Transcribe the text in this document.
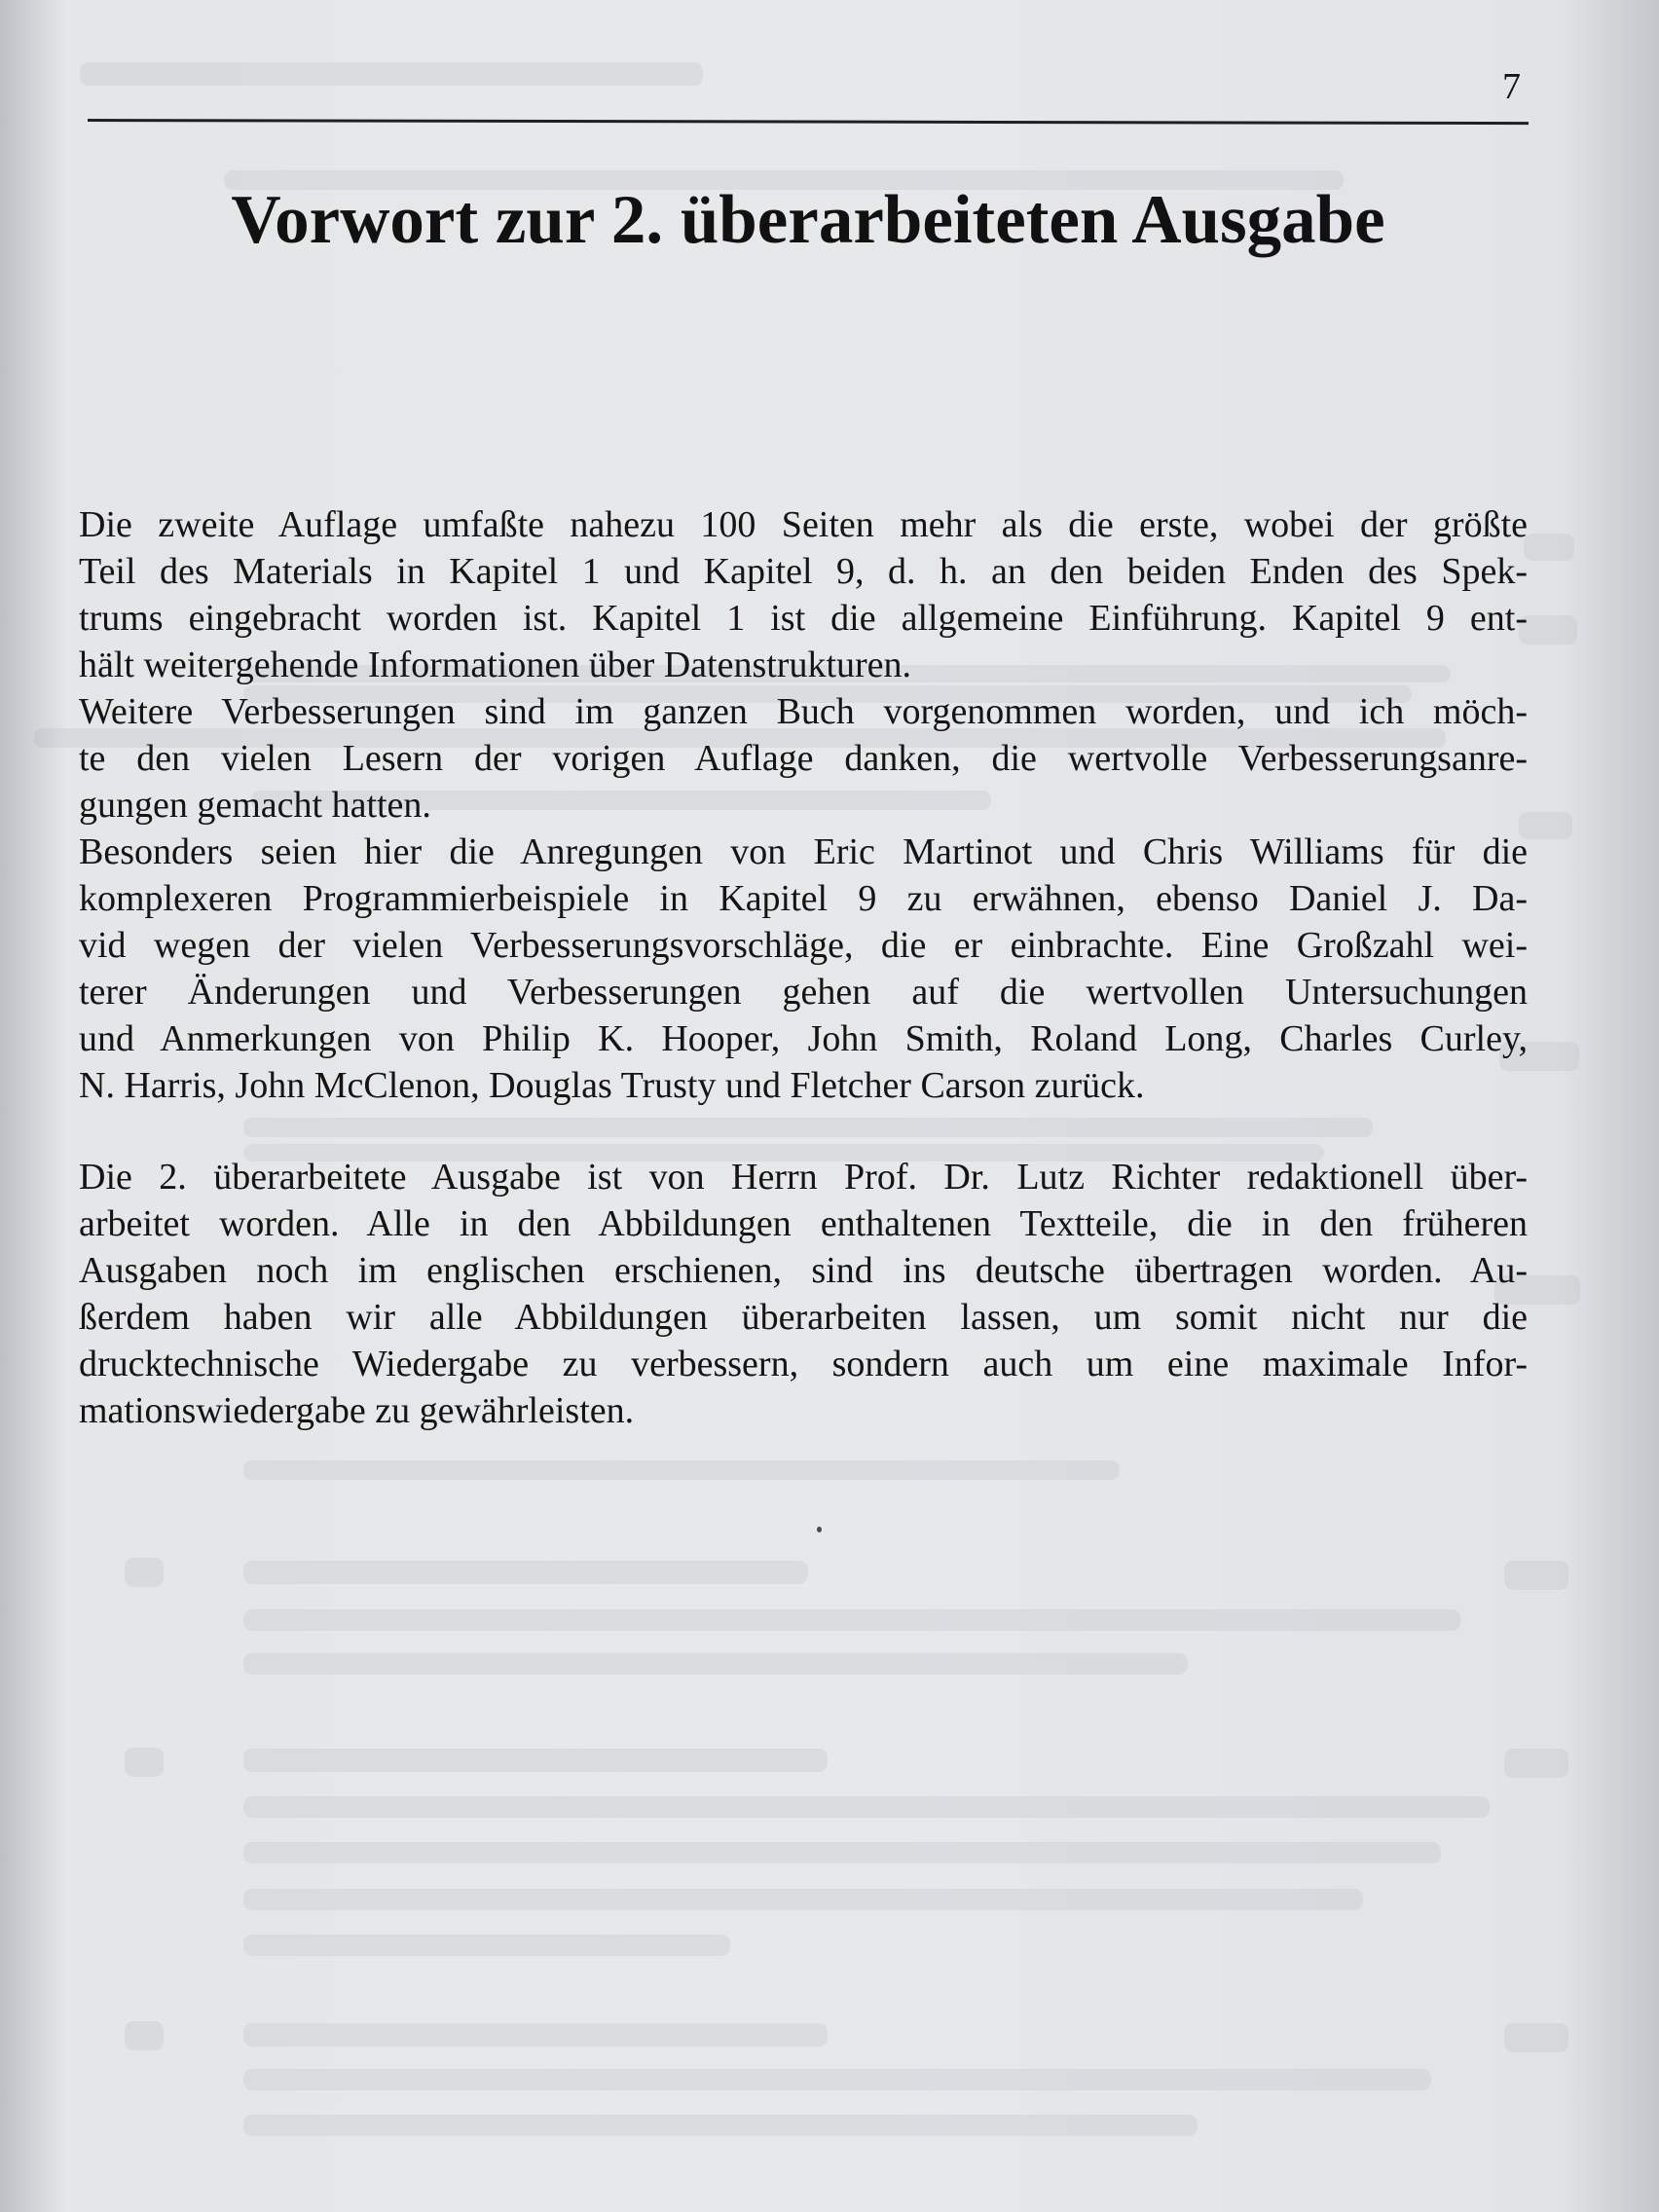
7
Vorwort zur 2. überarbeiteten Ausgabe
Die zweite Auflage umfaßte nahezu 100 Seiten mehr als die erste, wobei der größte
Teil des Materials in Kapitel 1 und Kapitel 9, d. h. an den beiden Enden des Spek-
trums eingebracht worden ist. Kapitel 1 ist die allgemeine Einführung. Kapitel 9 ent-
hält weitergehende Informationen über Datenstrukturen.
Weitere Verbesserungen sind im ganzen Buch vorgenommen worden, und ich möch-
te den vielen Lesern der vorigen Auflage danken, die wertvolle Verbesserungsanre-
gungen gemacht hatten.
Besonders seien hier die Anregungen von Eric Martinot und Chris Williams für die
komplexeren Programmierbeispiele in Kapitel 9 zu erwähnen, ebenso Daniel J. Da-
vid wegen der vielen Verbesserungsvorschläge, die er einbrachte. Eine Großzahl wei-
terer Änderungen und Verbesserungen gehen auf die wertvollen Untersuchungen
und Anmerkungen von Philip K. Hooper, John Smith, Roland Long, Charles Curley,
N. Harris, John McClenon, Douglas Trusty und Fletcher Carson zurück.
Die 2. überarbeitete Ausgabe ist von Herrn Prof. Dr. Lutz Richter redaktionell über-
arbeitet worden. Alle in den Abbildungen enthaltenen Textteile, die in den früheren
Ausgaben noch im englischen erschienen, sind ins deutsche übertragen worden. Au-
ßerdem haben wir alle Abbildungen überarbeiten lassen, um somit nicht nur die
drucktechnische Wiedergabe zu verbessern, sondern auch um eine maximale Infor-
mationswiedergabe zu gewährleisten.
